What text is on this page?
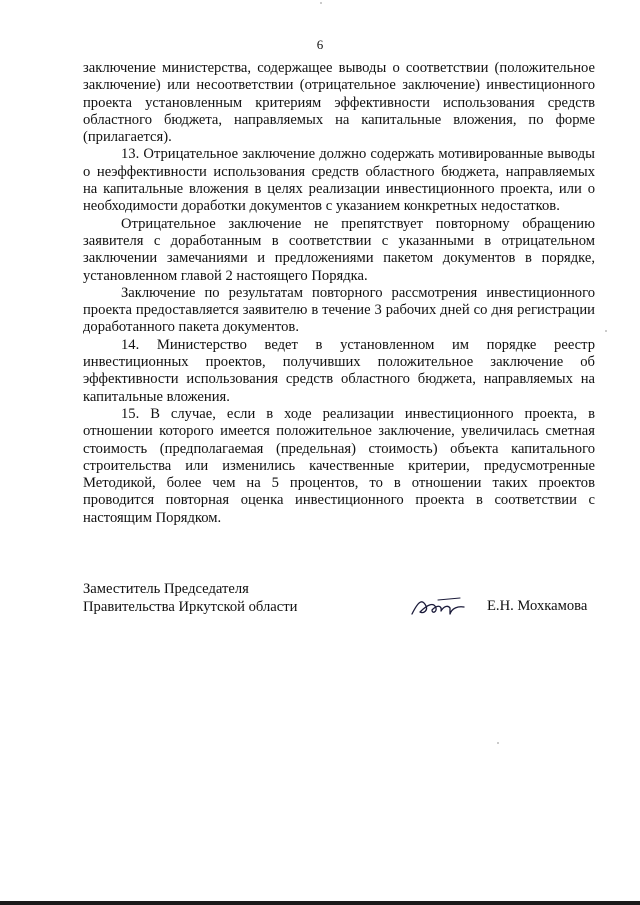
6

заключение министерства, содержащее выводы о соответствии (положительное заключение) или несоответствии (отрицательное заключение) инвестиционного проекта установленным критериям эффективности использования средств областного бюджета, направляемых на капитальные вложения, по форме (прилагается).

13. Отрицательное заключение должно содержать мотивированные выводы о неэффективности использования средств областного бюджета, направляемых на капитальные вложения в целях реализации инвестиционного проекта, или о необходимости доработки документов с указанием конкретных недостатков.

Отрицательное заключение не препятствует повторному обращению заявителя с доработанным в соответствии с указанными в отрицательном заключении замечаниями и предложениями пакетом документов в порядке, установленном главой 2 настоящего Порядка.

Заключение по результатам повторного рассмотрения инвестиционного проекта предоставляется заявителю в течение 3 рабочих дней со дня регистрации доработанного пакета документов.

14. Министерство ведет в установленном им порядке реестр инвестиционных проектов, получивших положительное заключение об эффективности использования средств областного бюджета, направляемых на капитальные вложения.

15. В случае, если в ходе реализации инвестиционного проекта, в отношении которого имеется положительное заключение, увеличилась сметная стоимость (предполагаемая (предельная) стоимость) объекта капитального строительства или изменились качественные критерии, предусмотренные Методикой, более чем на 5 процентов, то в отношении таких проектов проводится повторная оценка инвестиционного проекта в соответствии с настоящим Порядком.

Заместитель Председателя
Правительства Иркутской области	Е.Н. Мохкамова
